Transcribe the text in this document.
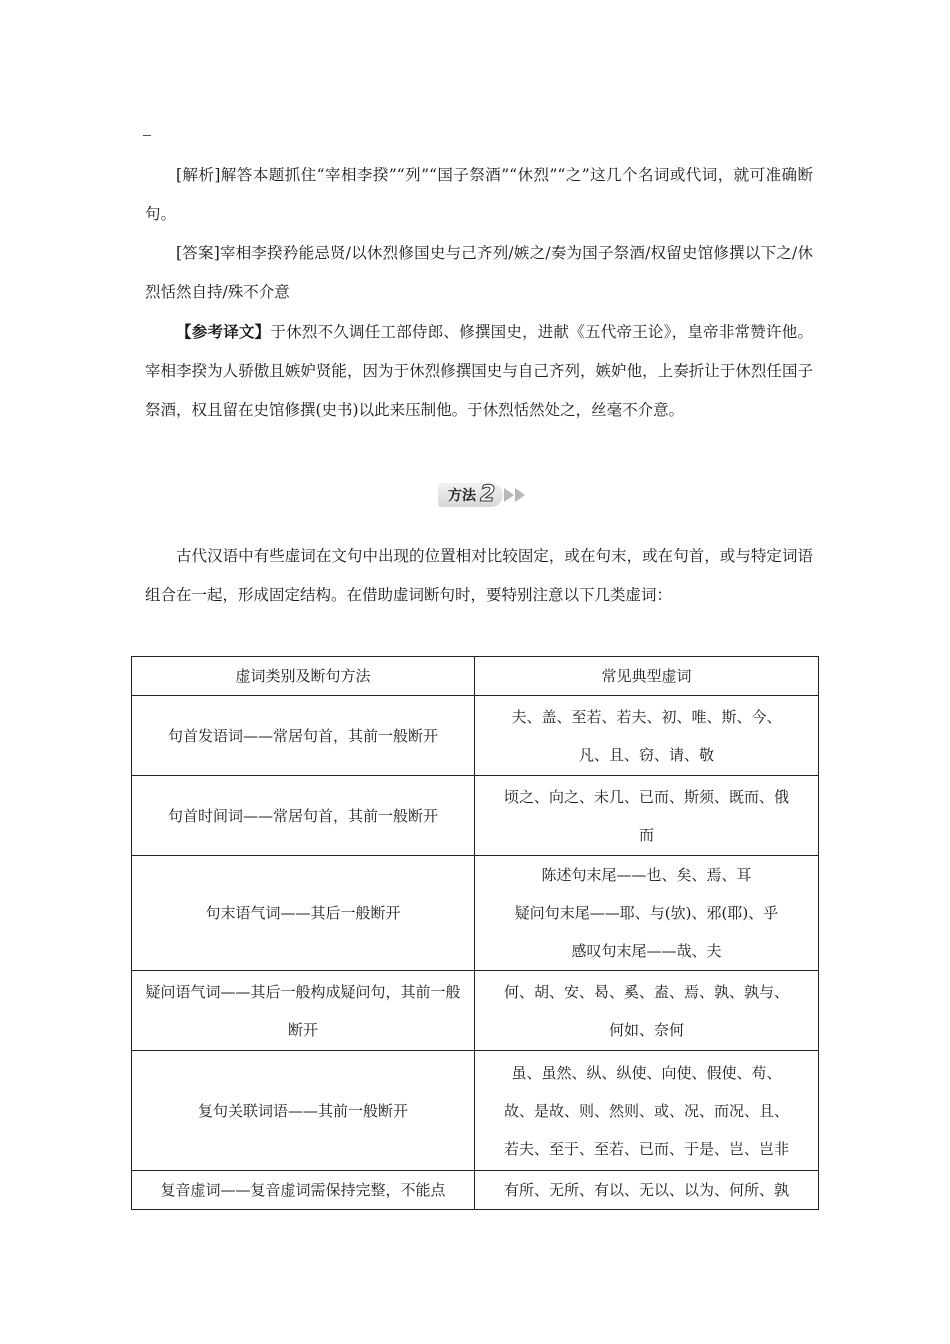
[解析]解答本题抓住“宰相李揆”“列”“国子祭酒”“休烈”“之”这几个名词或代词，就可准确断句。

[答案]宰相李揆矜能忌贤/以休烈修国史与己齐列/嫉之/奏为国子祭酒/权留史馆修撰以下之/休烈恬然自持/殊不介意

【参考译文】于休烈不久调任工部侍郎、修撰国史，进献《五代帝王论》，皇帝非常赞许他。宰相李揆为人骄傲且嫉妒贤能，因为于休烈修撰国史与自己齐列，嫉妒他，上奏折让于休烈任国子祭酒，权且留在史馆修撰(史书)以此来压制他。于休烈恬然处之，丝毫不介意。

方法 2

古代汉语中有些虚词在文句中出现的位置相对比较固定，或在句末，或在句首，或与特定词语组合在一起，形成固定结构。在借助虚词断句时，要特别注意以下几类虚词：

虚词类别及断句方法	常见典型虚词
句首发语词——常居句首，其前一般断开	夫、盖、至若、若夫、初、唯、斯、今、
凡、且、窃、请、敬

句首时间词——常居句首，其前一般断开	顷之、向之、未几、已而、斯须、既而、俄
而

句末语气词——其后一般断开	陈述句末尾——也、矣、焉、耳
疑问句末尾——耶、与(欤)、邪(耶)、乎
感叹句末尾——哉、夫

疑问语气词——其后一般构成疑问句，其前一般断开	何、胡、安、曷、奚、盍、焉、孰、孰与、
何如、奈何

复句关联词语——其前一般断开	虽、虽然、纵、纵使、向使、假使、苟、
故、是故、则、然则、或、况、而况、且、
若夫、至于、至若、已而、于是、岂、岂非

复音虚词——复音虚词需保持完整，不能点	有所、无所、有以、无以、以为、何所、孰
